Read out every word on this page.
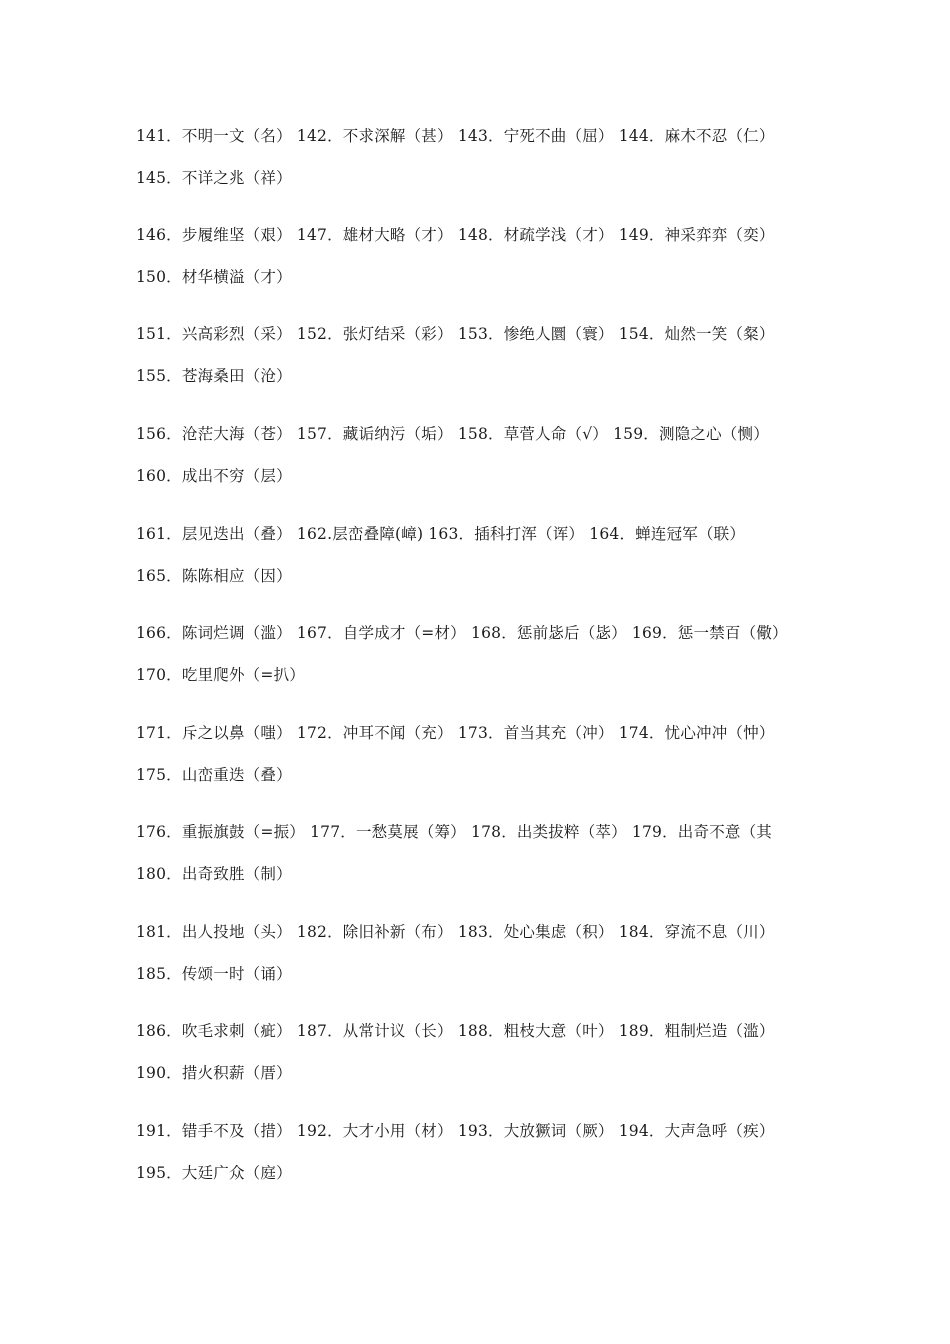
141．不明一文（名） 142．不求深解（甚） 143．宁死不曲（屈） 144．麻木不忍（仁）
145．不详之兆（祥）
146．步履维坚（艰） 147．雄材大略（才） 148．材疏学浅（才） 149．神采弈弈（奕）
150．材华横溢（才）
151．兴高彩烈（采） 152．张灯结采（彩） 153．惨绝人圜（寰） 154．灿然一笑（粲）
155．苍海桑田（沧）
156．沧茫大海（苍） 157．藏诟纳污（垢） 158．草菅人命（√） 159．测隐之心（恻）
160．成出不穷（层）
161．层见迭出（叠） 162.层峦叠障(嶂) 163．插科打浑（诨） 164．蝉连冠军（联）
165．陈陈相应（因）
166．陈词烂调（滥） 167．自学成才（=材） 168．惩前毖后（毖） 169．惩一禁百（儆）
170．吃里爬外（=扒）
171．斥之以鼻（嗤） 172．冲耳不闻（充） 173．首当其充（冲） 174．忧心冲冲（忡）
175．山峦重迭（叠）
176．重振旗鼓（=振） 177．一愁莫展（筹） 178．出类拔粹（萃） 179．出奇不意（其
180．出奇致胜（制）
181．出人投地（头） 182．除旧补新（布） 183．处心集虑（积） 184．穿流不息（川）
185．传颂一时（诵）
186．吹毛求刺（疵） 187．从常计议（长） 188．粗枝大意（叶） 189．粗制烂造（滥）
190．措火积薪（厝）
191．错手不及（措） 192．大才小用（材） 193．大放獗词（厥） 194．大声急呼（疾）
195．大廷广众（庭）
